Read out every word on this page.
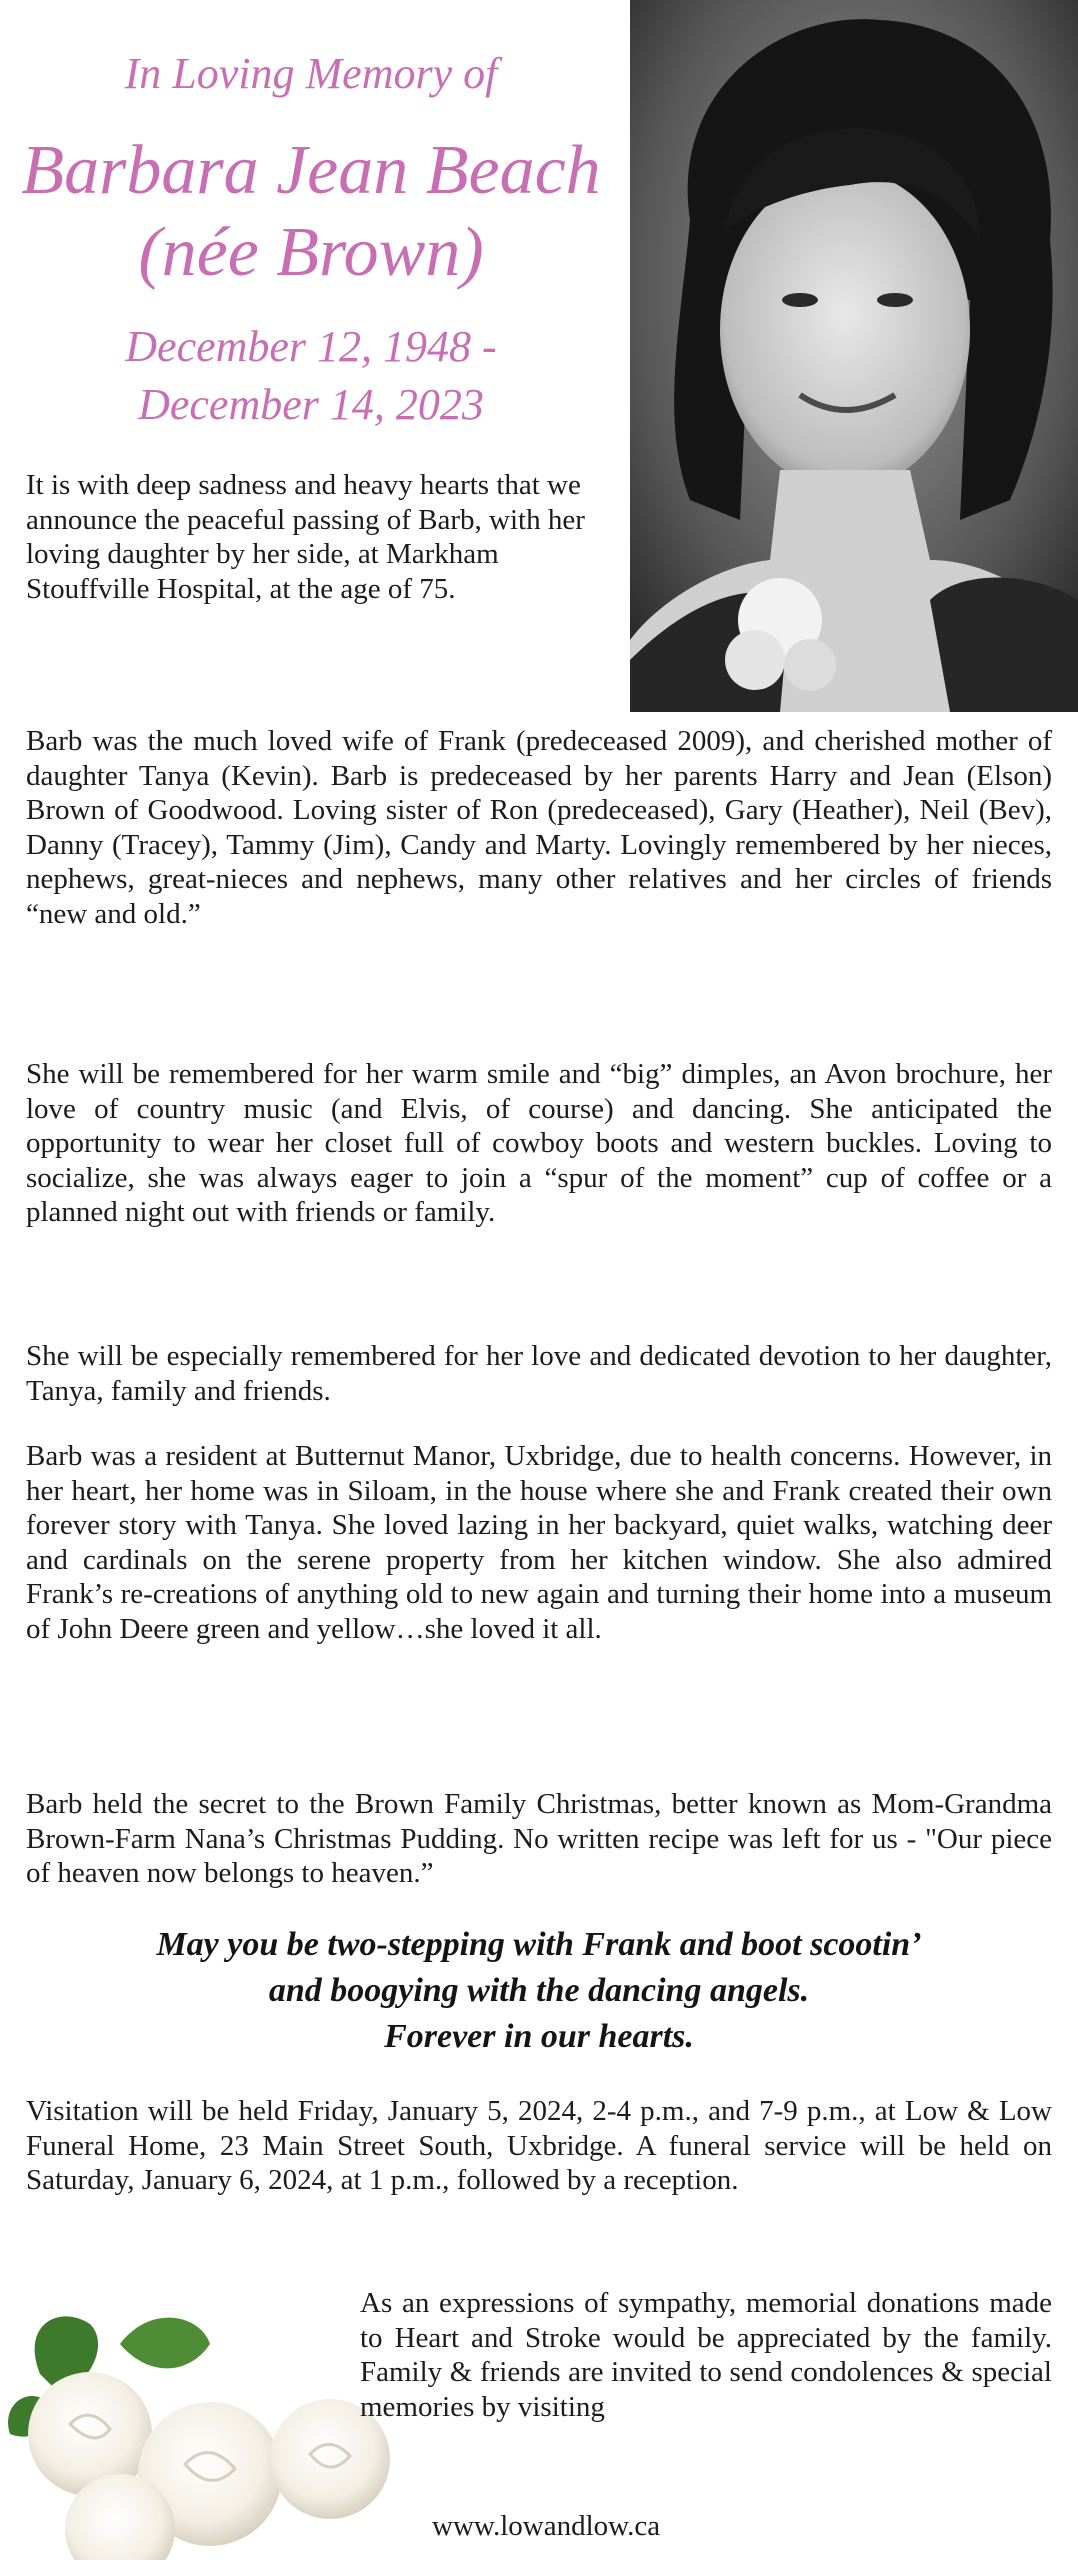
In Loving Memory of
Barbara Jean Beach
(née Brown)
December 12, 1948 -
December 14, 2023

It is with deep sadness and heavy hearts that we announce the peaceful passing of Barb, with her loving daughter by her side, at Markham Stouffville Hospital, at the age of 75.

Barb was the much loved wife of Frank (predeceased 2009), and cherished mother of daughter Tanya (Kevin). Barb is predeceased by her parents Harry and Jean (Elson) Brown of Goodwood. Loving sister of Ron (predeceased), Gary (Heather), Neil (Bev), Danny (Tracey), Tammy (Jim), Candy and Marty. Lovingly remembered by her nieces, nephews, great-nieces and nephews, many other relatives and her circles of friends “new and old.”

She will be remembered for her warm smile and “big” dimples, an Avon brochure, her love of country music (and Elvis, of course) and dancing. She anticipated the opportunity to wear her closet full of cowboy boots and western buckles. Loving to socialize, she was always eager to join a “spur of the moment” cup of coffee or a planned night out with friends or family.

She will be especially remembered for her love and dedicated devotion to her daughter, Tanya, family and friends.

Barb was a resident at Butternut Manor, Uxbridge, due to health concerns. However, in her heart, her home was in Siloam, in the house where she and Frank created their own forever story with Tanya. She loved lazing in her backyard, quiet walks, watching deer and cardinals on the serene property from her kitchen window. She also admired Frank’s re-creations of anything old to new again and turning their home into a museum of John Deere green and yellow…she loved it all.

Barb held the secret to the Brown Family Christmas, better known as Mom-Grandma Brown-Farm Nana’s Christmas Pudding. No written recipe was left for us - "Our piece of heaven now belongs to heaven.”

May you be two-stepping with Frank and boot scootin’
and boogying with the dancing angels.
Forever in our hearts.

Visitation will be held Friday, January 5, 2024, 2-4 p.m., and 7-9 p.m., at Low & Low Funeral Home, 23 Main Street South, Uxbridge. A funeral service will be held on Saturday, January 6, 2024, at 1 p.m., followed by a reception.

As an expressions of sympathy, memorial donations made to Heart and Stroke would be appreciated by the family. Family & friends are invited to send condolences & special memories by visiting

www.lowandlow.ca
